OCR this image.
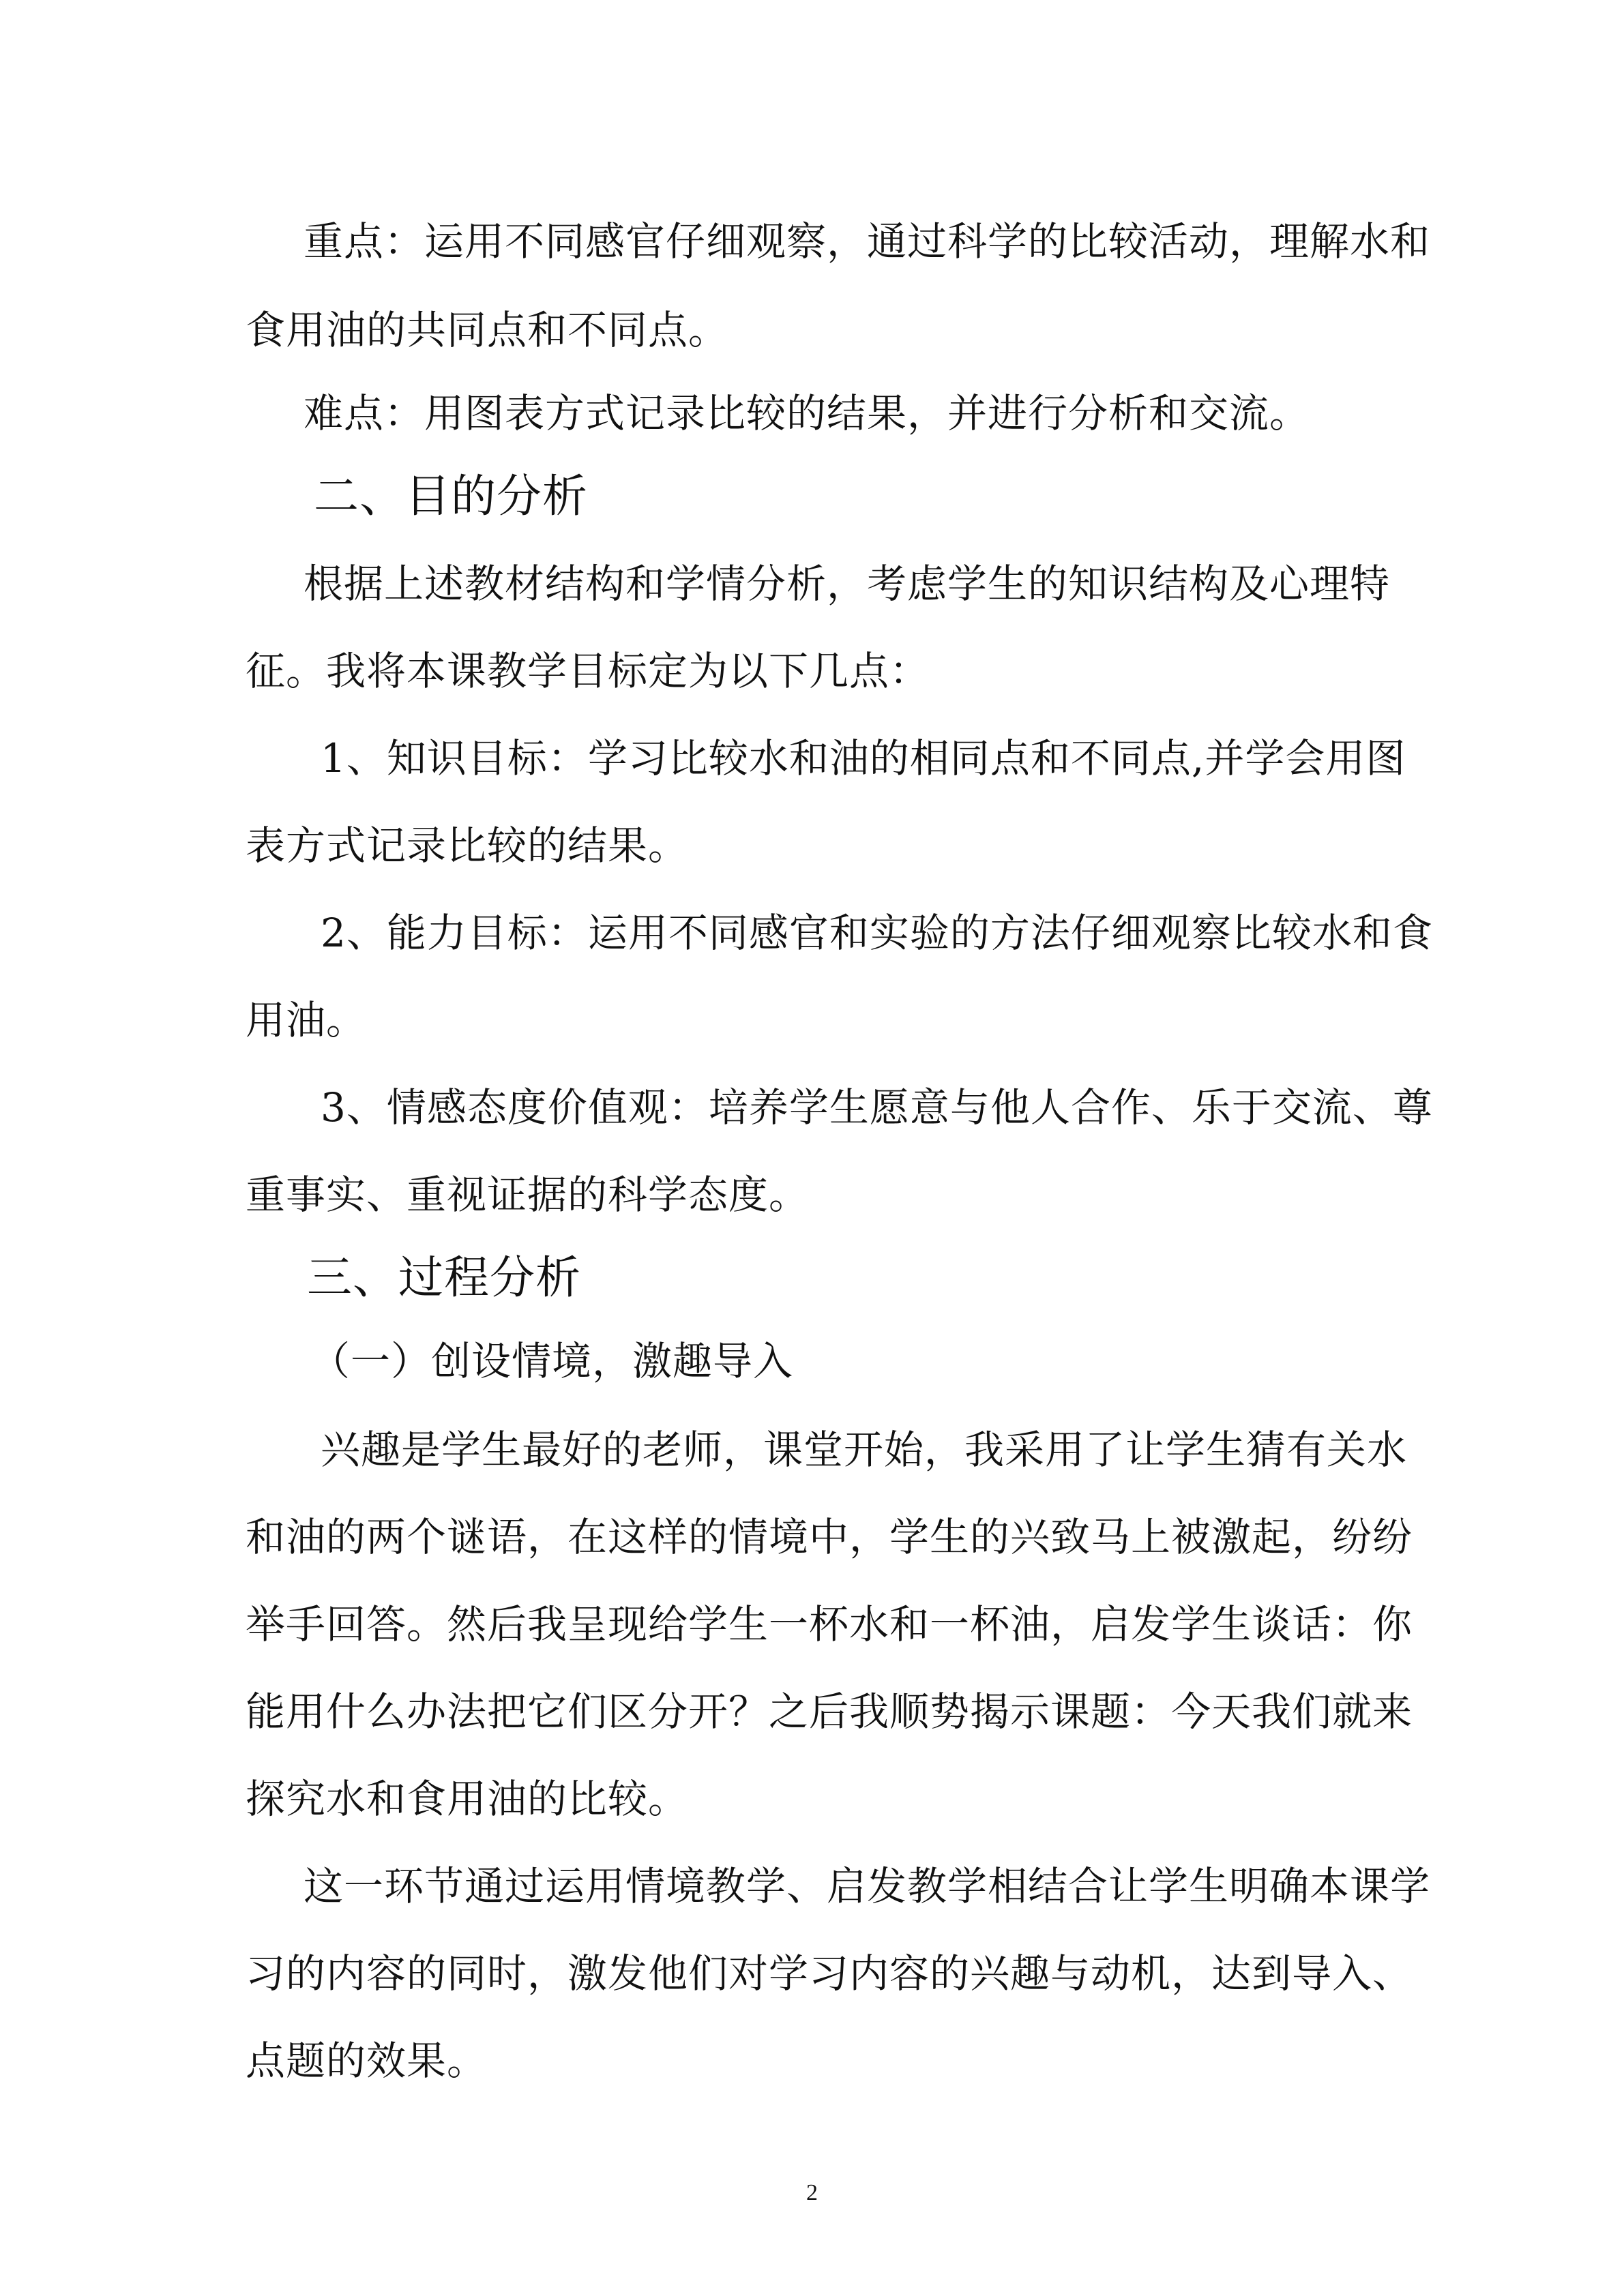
重点：运用不同感官仔细观察，通过科学的比较活动，理解水和
食用油的共同点和不同点。
难点：用图表方式记录比较的结果，并进行分析和交流。
二、目的分析
根据上述教材结构和学情分析，考虑学生的知识结构及心理特
征。我将本课教学目标定为以下几点：
1、知识目标：学习比较水和油的相同点和不同点,并学会用图
表方式记录比较的结果。
2、能力目标：运用不同感官和实验的方法仔细观察比较水和食
用油。
3、情感态度价值观：培养学生愿意与他人合作、乐于交流、尊
重事实、重视证据的科学态度。
三、过程分析
（一）创设情境，激趣导入
兴趣是学生最好的老师，课堂开始，我采用了让学生猜有关水
和油的两个谜语，在这样的情境中，学生的兴致马上被激起，纷纷
举手回答。然后我呈现给学生一杯水和一杯油，启发学生谈话：你
能用什么办法把它们区分开？之后我顺势揭示课题：今天我们就来
探究水和食用油的比较。
这一环节通过运用情境教学、启发教学相结合让学生明确本课学
习的内容的同时，激发他们对学习内容的兴趣与动机，达到导入、
点题的效果。
2
